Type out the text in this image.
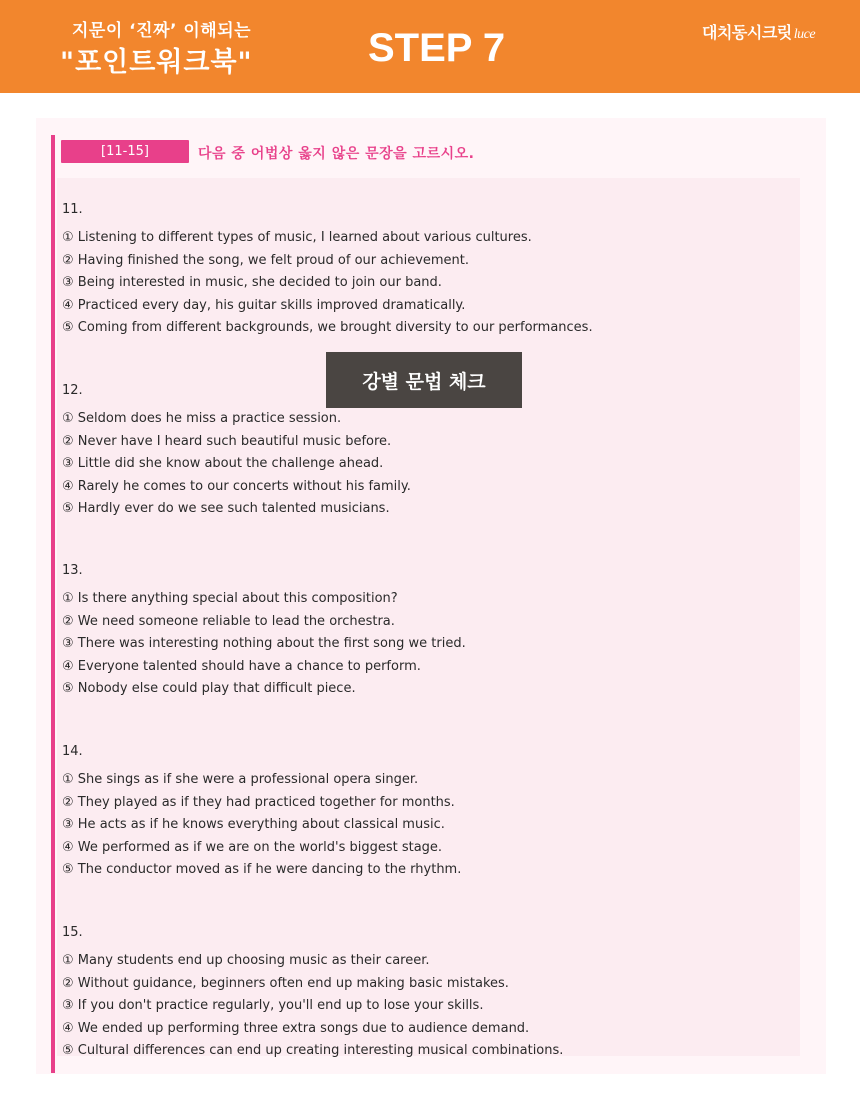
지문이 ‘진짜’ 이해되는
"포인트워크북"	STEP 7	대치동시크릿 luce
[11-15]	다음 중 어법상 옳지 않은 문장을 고르시오.
11.
① Listening to different types of music, I learned about various cultures.
② Having finished the song, we felt proud of our achievement.
③ Being interested in music, she decided to join our band.
④ Practiced every day, his guitar skills improved dramatically.
⑤ Coming from different backgrounds, we brought diversity to our performances.
12.
① Seldom does he miss a practice session.
② Never have I heard such beautiful music before.
③ Little did she know about the challenge ahead.
④ Rarely he comes to our concerts without his family.
⑤ Hardly ever do we see such talented musicians.
13.
① Is there anything special about this composition?
② We need someone reliable to lead the orchestra.
③ There was interesting nothing about the first song we tried.
④ Everyone talented should have a chance to perform.
⑤ Nobody else could play that difficult piece.
14.
① She sings as if she were a professional opera singer.
② They played as if they had practiced together for months.
③ He acts as if he knows everything about classical music.
④ We performed as if we are on the world's biggest stage.
⑤ The conductor moved as if he were dancing to the rhythm.
15.
① Many students end up choosing music as their career.
② Without guidance, beginners often end up making basic mistakes.
③ If you don't practice regularly, you'll end up to lose your skills.
④ We ended up performing three extra songs due to audience demand.
⑤ Cultural differences can end up creating interesting musical combinations.
강별 문법 체크
